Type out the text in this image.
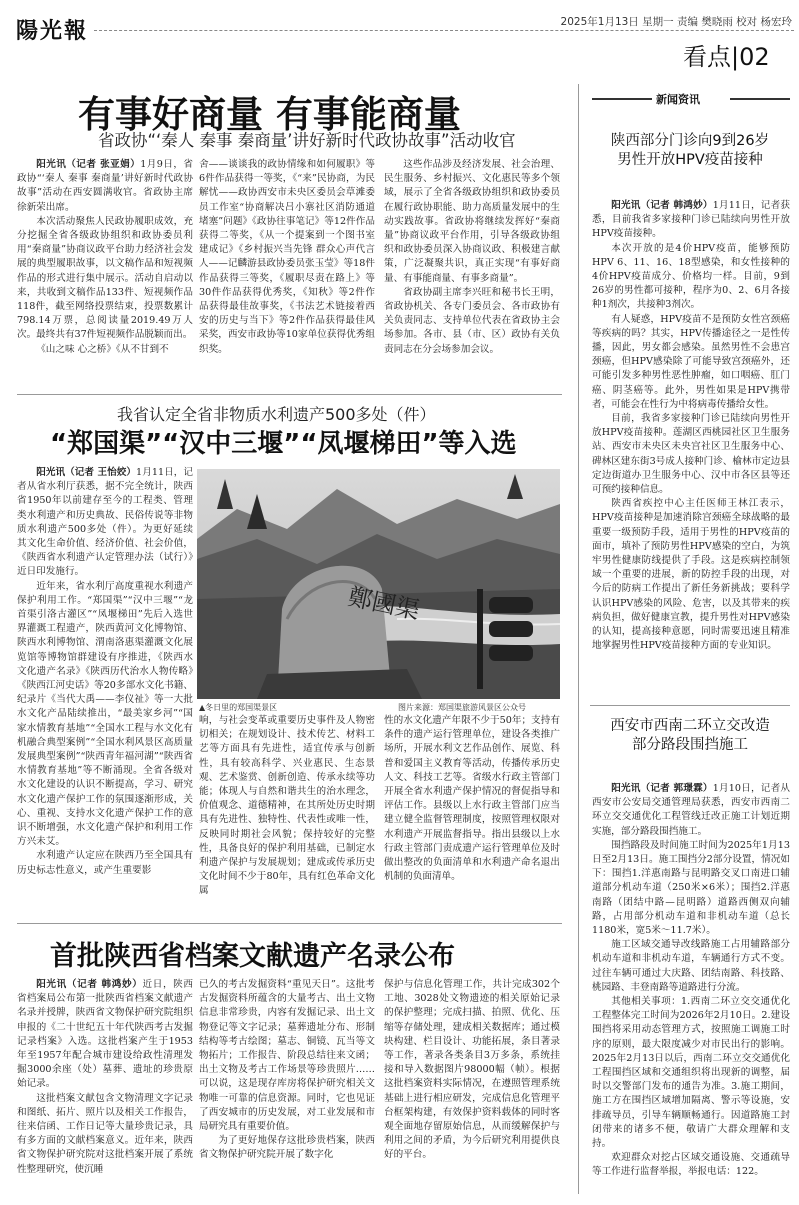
陽光報	2025年1月13日 星期一 责编 樊晓雨 校对 杨宏玲
看点|02
有事好商量 有事能商量
省政协“‘秦人 秦事 秦商量’讲好新时代政协故事”活动收官

阳光讯（记者 张亚娟）1月9日，省政协“‘秦人 秦事 秦商量’讲好新时代政协故事”活动在西安圆满收官。省政协主席徐新荣出席。

本次活动聚焦人民政协履职成效，充分挖掘全省各级政协组织和政协委员利用“秦商量”协商议政平台助力经济社会发展的典型履职故事，以文稿作品和短视频作品的形式进行集中展示。活动自启动以来，共收到文稿作品133件、短视频作品118件，截至网络投票结束，投票数累计798.14万票，总阅读量2019.49万人次。最终共有37件短视频作品脱颖而出。

《山之味 心之桥》《从不甘到不

舍——谈谈我的政协情缘和如何履职》等6件作品获得一等奖，《“来”民协商，为民解忧——政协西安市未央区委员会草滩委员工作室“协商解决吕小寨社区消防通道堵塞”问题》《政协往事笔记》等12件作品获得二等奖，《从一个提案到一个图书室建成记》《乡村振兴当先锋 群众心声代言人——记麟游县政协委员张玉莹》等18件作品获得三等奖，《履职尽责在路上》等30件作品获得优秀奖，《知秋》等2件作品获得最佳故事奖，《书法艺术链接着西安的历史与当下》等2件作品获得最佳风采奖，西安市政协等10家单位获得优秀组织奖。

这些作品涉及经济发展、社会治理、民生服务、乡村振兴、文化惠民等多个领域，展示了全省各级政协组织和政协委员在履行政协职能、助力高质量发展中的生动实践故事。省政协将继续发挥好“秦商量”协商议政平台作用，引导各级政协组织和政协委员深入协商议政、积极建言献策，广泛凝聚共识，真正实现“有事好商量、有事能商量、有事多商量”。

省政协副主席李兴旺和秘书长王明，省政协机关、各专门委员会、各市政协有关负责同志、支持单位代表在省政协主会场参加。各市、县（市、区）政协有关负责同志在分会场参加会议。

我省认定全省非物质水利遗产500多处（件）
“郑国渠”“汉中三堰”“凤堰梯田”等入选

阳光讯（记者 王怡姣）1月11日，记者从省水利厅获悉，据不完全统计，陕西省1950年以前建存至今的工程类、管理类水利遗产和历史典故、民俗传说等非物质水利遗产500多处（件）。为更好延续其文化生命价值、经济价值、社会价值，《陕西省水利遗产认定管理办法（试行）》近日印发施行。

近年来，省水利厅高度重视水利遗产保护利用工作。“郑国渠”“汉中三堰”“龙首渠引洛古灌区”“凤堰梯田”先后入选世界灌溉工程遗产，陕西黄河文化博物馆、陕西水利博物馆、渭南洛惠渠灌溉文化展览馆等博物馆群建设有序推进，《陕西水文化遗产名录》《陕西历代治水人物传略》《陕西江河史话》等20多部水文化书籍、纪录片《当代大禹——李仪祉》等一大批水文化产品陆续推出，“最美家乡河”“国家水情教育基地”“全国水工程与水文化有机融合典型案例”“全国水利风景区高质量发展典型案例”“陕西青年福河湖”“陕西省水情教育基地”等不断涌现。全省各级对水文化建设的认识不断提高，学习、研究水文化遗产保护工作的氛围逐渐形成，关心、重视、支持水文化遗产保护工作的意识不断增强，水文化遗产保护和利用工作方兴未艾。

水利遗产认定应在陕西乃至全国具有历史标志性意义，或产生重要影

鄭國渠
▲冬日里的郑国渠景区	图片来源：郑国渠旅游风景区公众号

响，与社会变革或重要历史事件及人物密切相关；在规划设计、技术传艺、材料工艺等方面具有先进性，适宜传承与创新性，具有较高科学、兴业惠民、生态景观、艺术鉴赏、创新创造、传承永续等功能；体现人与自然和谐共生的治水理念，价值观念、道德精神，在其所处历史时期具有先进性、独特性、代表性或唯一性，反映同时期社会风貌；保持较好的完整性，具备良好的保护利用基础，已制定水利遗产保护与发展规划；建成或传承历史文化时间不少于80年，具有红色革命文化属

性的水文化遗产年限不少于50年；支持有条件的遗产运行管理单位，建设各类推广场所，开展水利文艺作品创作、展览、科普和爱国主义教育等活动，传播传承历史人文、科技工艺等。省级水行政主管部门开展全省水利遗产保护情况的督促指导和评估工作。县级以上水行政主管部门应当建立健全监督管理制度，按照管理权限对水利遗产开展监督指导。指出县级以上水行政主管部门责成遗产运行管理单位及时做出整改的负面清单和水利遗产命名退出机制的负面清单。

首批陕西省档案文献遗产名录公布

阳光讯（记者 韩鸿妙）近日，陕西省档案局公布第一批陕西省档案文献遗产名录并授牌，陕西省文物保护研究院组织申报的《二十世纪五十年代陕西考古发掘记录档案》入选。这批档案产生于1953年至1957年配合城市建设给政性清理发掘3000余座（处）墓葬、遗址的珍贵原始记录。

这批档案文献包含文物清理文字记录和图纸、拓片、照片以及相关工作报告，往来信函、工作日记等大量珍贵记录，具有多方面的文献档案意义。近年来，陕西省文物保护研究院对这批档案开展了系统性整理研究，使沉睡

已久的考古发掘资料“重见天日”。这批考古发掘资料所蕴含的大量考古、出土文物信息非常珍贵，内容有发掘记录、出土文物登记等文字记录；墓葬遗址分布、形制结构等考古绘图；墓志、铜镜、瓦当等文物拓片；工作报告、阶段总结往来文函；出土文物及考古工作场景等珍贵照片……可以说，这是现存库房将保护研究相关文物唯一可靠的信息资源。同时，它也见证了西安城市的历史发展，对工业发展和市局研究具有重要价值。

为了更好地保存这批珍贵档案，陕西省文物保护研究院开展了数字化

保护与信息化管理工作，共计完成302个工地、3028处文物遗迹的相关原始记录的保护整理；完成扫描、拍照、优化、压缩等存储处理，建成相关数据库；通过模块构建、栏目设计、功能拓展，条目著录等工作，著录各类条目3万多条，系统挂接和导入数据图片98000幅（帧）。根据这批档案资料实际情况，在遵照管理系统基础上进行相应研发，完成信息化管理平台框架构建，有效保护资料载体的同时客观全面地存留原始信息，从而缓解保护与利用之间的矛盾，为今后研究利用提供良好的平台。

新闻资讯
陕西部分门诊向9到26岁
男性开放HPV疫苗接种

阳光讯（记者 韩鸿妙）1月11日，记者获悉，目前我省多家接种门诊已陆续向男性开放HPV疫苗接种。

本次开放的是4价HPV疫苗，能够预防HPV 6、11、16、18型感染，和女性接种的4价HPV疫苗成分、价格均一样。目前，9到26岁的男性都可接种，程序为0、2、6月各接种1剂次，共接种3剂次。

有人疑惑，HPV疫苗不是预防女性宫颈癌等疾病的吗？其实，HPV传播途径之一是性传播，因此，男女都会感染。虽然男性不会患宫颈癌，但HPV感染除了可能导致宫颈癌外，还可能引发多种男性恶性肿瘤，如口咽癌、肛门癌、阴茎癌等。此外，男性如果是HPV携带者，可能会在性行为中将病毒传播给女性。

目前，我省多家接种门诊已陆续向男性开放HPV疫苗接种。莲湖区西桃园社区卫生服务站、西安市未央区未央宫社区卫生服务中心、碑林区建东街3号成人接种门诊、榆林市定边县定边街道办卫生服务中心、汉中市各区县等还可预约接种信息。

陕西省疾控中心主任医师王林江表示，HPV疫苗接种是加速消除宫颈癌全球战略的最重要一级预防手段，适用于男性的HPV疫苗的面市，填补了预防男性HPV感染的空白，为筑牢男性健康防线提供了手段。这是疾病控制领域一个重要的进展，新的防控手段的出现，对今后的防病工作提出了新任务新挑战；要科学认识HPV感染的风险、危害，以及其带来的疾病负担，做好健康宣教，提升男性对HPV感染的认知，提高接种意愿，同时需要迅速且精准地掌握男性HPV疫苗接种方面的专业知识。

西安市西南二环立交改造
部分路段围挡施工

阳光讯（记者 郭璟霖）1月10日，记者从西安市公安局交通管理局获悉，西安市西南二环立交交通优化工程管线迁改正施工计划近期实施，部分路段围挡施工。

围挡路段及时间施工时间为2025年1月13日至2月13日。施工围挡分2部分设置，情况如下：围挡1.洋惠南路与昆明路交叉口南进口辅道部分机动车道（250米×6米）；围挡2.洋惠南路（团结中路—昆明路）道路西侧双向辅路，占用部分机动车道和非机动车道（总长1180米，宽5米～11.7米）。

施工区域交通导改线路施工占用辅路部分机动车道和非机动车道，车辆通行方式不变。过往车辆可通过大庆路、团结南路、科技路、桃园路、丰登南路等道路进行分流。

其他相关事项：1.西南二环立交交通优化工程整体完工时间为2026年2月10日。2.建设围挡将采用动态管理方式，按照施工调施工时序的原则，最大限度减少对市民出行的影响。2025年2月13日以后，西南二环立交交通优化工程围挡区域和交通组织将出现新的调整，届时以交警部门发布的通告为准。3.施工期间，施工方在围挡区域增加隔离、警示等设施，安排疏导员，引导车辆顺畅通行。因道路施工封闭带来的诸多不便，敬请广大群众理解和支持。

欢迎群众对挖占区域交通设施、交通疏导等工作进行监督举报，举报电话：122。
